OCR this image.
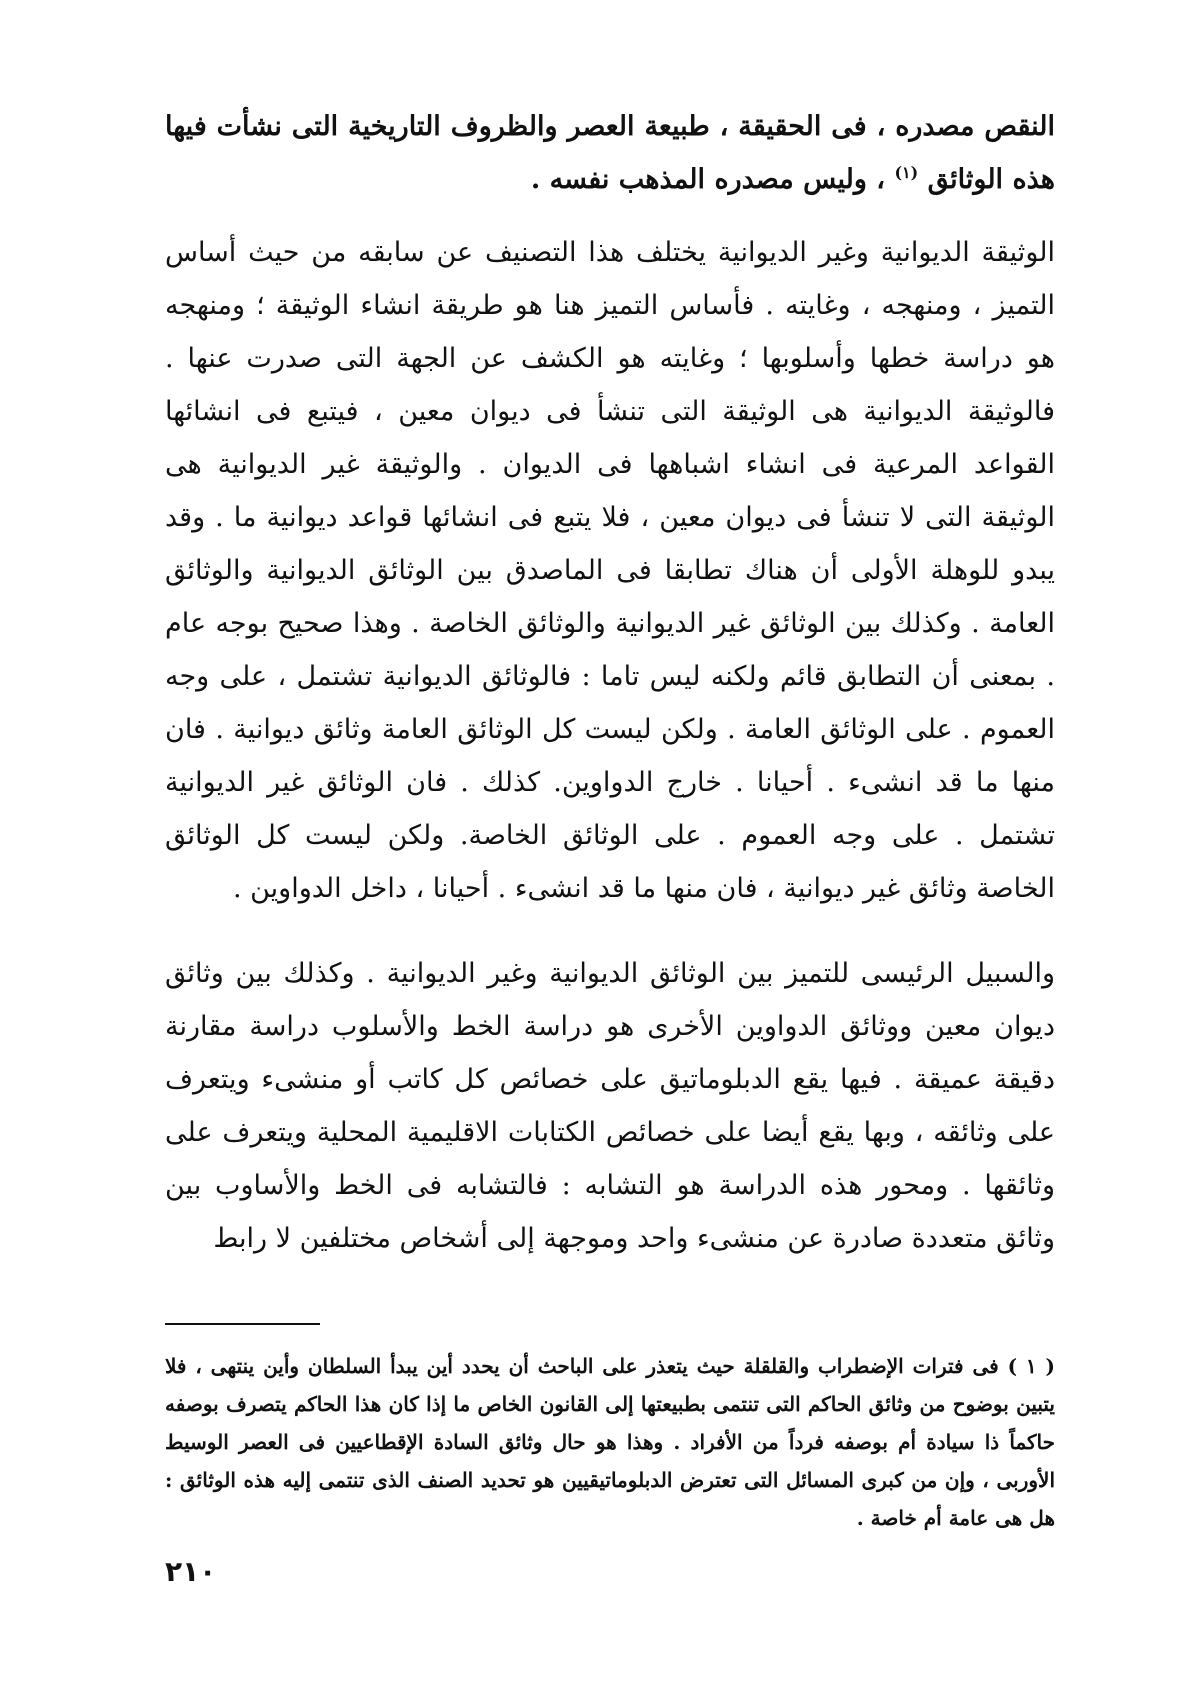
النقص مصدره ، فى الحقيقة ، طبيعة العصر والظروف التاريخية التى نشأت فيها هذه الوثائق $^{(١)}$ ، وليس مصدره المذهب نفسه .

الوثيقة الديوانية وغير الديوانية يختلف هذا التصنيف عن سابقه من حيث أساس التميز ، ومنهجه ، وغايته . فأساس التميز هنا هو طريقة انشاء الوثيقة ؛ ومنهجه هو دراسة خطها وأسلوبها ؛ وغايته هو الكشف عن الجهة التى صدرت عنها . فالوثيقة الديوانية هى الوثيقة التى تنشأ فى ديوان معين ، فيتبع فى انشائها القواعد المرعية فى انشاء اشباهها فى الديوان . والوثيقة غير الديوانية هى الوثيقة التى لا تنشأ فى ديوان معين ، فلا يتبع فى انشائها قواعد ديوانية ما . وقد يبدو للوهلة الأولى أن هناك تطابقا فى الماصدق بين الوثائق الديوانية والوثائق العامة . وكذلك بين الوثائق غير الديوانية والوثائق الخاصة . وهذا صحيح بوجه عام . بمعنى أن التطابق قائم ولكنه ليس تاما : فالوثائق الديوانية تشتمل ، على وجه العموم . على الوثائق العامة . ولكن ليست كل الوثائق العامة وثائق ديوانية . فان منها ما قد انشىء . أحيانا . خارج الدواوين. كذلك . فان الوثائق غير الديوانية تشتمل . على وجه العموم . على الوثائق الخاصة. ولكن ليست كل الوثائق الخاصة وثائق غير ديوانية ، فان منها ما قد انشىء . أحيانا ، داخل الدواوين .

والسبيل الرئيسى للتميز بين الوثائق الديوانية وغير الديوانية . وكذلك بين وثائق ديوان معين ووثائق الدواوين الأخرى هو دراسة الخط والأسلوب دراسة مقارنة دقيقة عميقة . فيها يقع الدبلوماتيق على خصائص كل كاتب أو منشىء ويتعرف على وثائقه ، وبها يقع أيضا على خصائص الكتابات الاقليمية المحلية ويتعرف على وثائقها . ومحور هذه الدراسة هو التشابه : فالتشابه فى الخط والأساوب بين وثائق متعددة صادرة عن منشىء واحد وموجهة إلى أشخاص مختلفين لا رابط

( ١ ) فى فترات الإضطراب والقلقلة حيث يتعذر على الباحث أن يحدد أين يبدأ السلطان وأين ينتهى ، فلا يتبين بوضوح من وثائق الحاكم التى تنتمى بطبيعتها إلى القانون الخاص ما إذا كان هذا الحاكم يتصرف بوصفه حاكماً ذا سيادة أم بوصفه فرداً من الأفراد . وهذا هو حال وثائق السادة الإقطاعيين فى العصر الوسيط الأوربى ، وإن من كبرى المسائل التى تعترض الدبلوماتيقيين هو تحديد الصنف الذى تنتمى إليه هذه الوثائق : هل هى عامة أم خاصة .

٢١٠
